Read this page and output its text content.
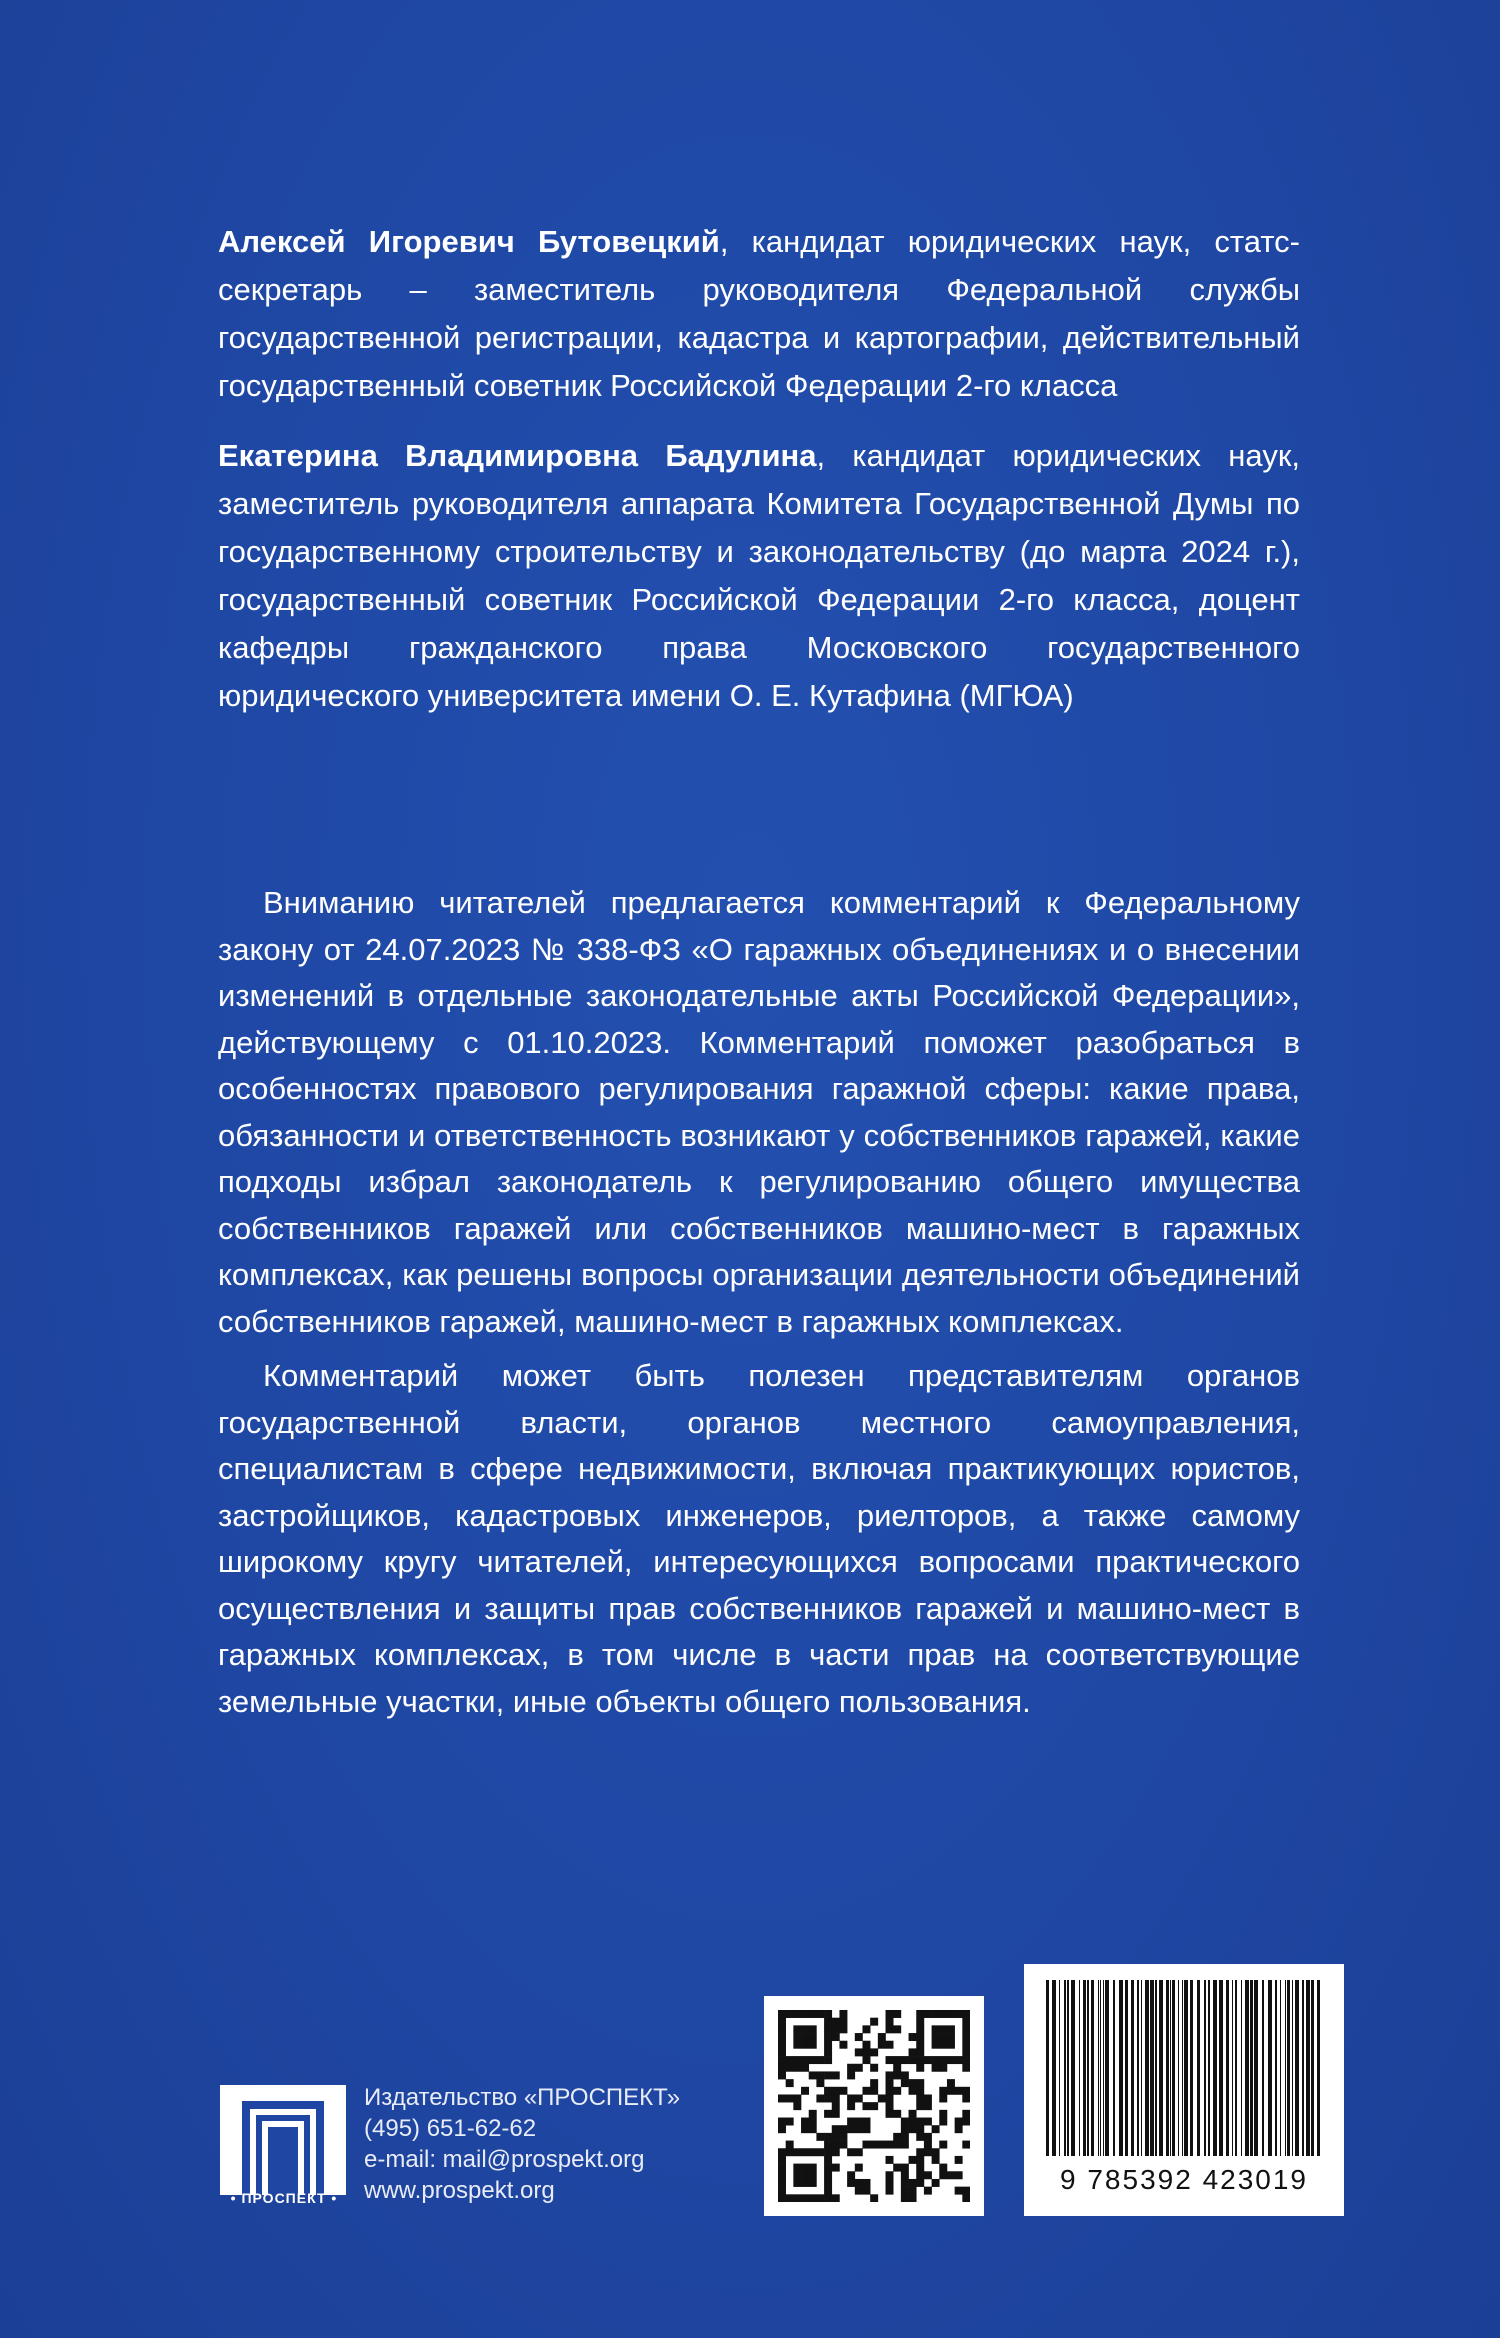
Алексей Игоревич Бутовецкий, кандидат юридических наук, статс-секретарь – заместитель руководителя Федеральной службы государственной регистрации, кадастра и картографии, действительный государственный советник Российской Федерации 2-го класса

Екатерина Владимировна Бадулина, кандидат юридических наук, заместитель руководителя аппарата Комитета Государственной Думы по государственному строительству и законодательству (до марта 2024 г.), государственный советник Российской Федерации 2-го класса, доцент кафедры гражданского права Московского государственного юридического университета имени О. Е. Кутафина (МГЮА)

Вниманию читателей предлагается комментарий к Федеральному закону от 24.07.2023 № 338-ФЗ «О гаражных объединениях и о внесении изменений в отдельные законодательные акты Российской Федерации», действующему с 01.10.2023. Комментарий поможет разобраться в особенностях правового регулирования гаражной сферы: какие права, обязанности и ответственность возникают у собственников гаражей, какие подходы избрал законодатель к регулированию общего имущества собственников гаражей или собственников машино-мест в гаражных комплексах, как решены вопросы организации деятельности объединений собственников гаражей, машино-мест в гаражных комплексах.

Комментарий может быть полезен представителям органов государственной власти, органов местного самоуправления, специалистам в сфере недвижимости, включая практикующих юристов, застройщиков, кадастровых инженеров, риелторов, а также самому широкому кругу читателей, интересующихся вопросами практического осуществления и защиты прав собственников гаражей и машино-мест в гаражных комплексах, в том числе в части прав на соответствующие земельные участки, иные объекты общего пользования.

• ПРОСПЕКТ •
Издательство «ПРОСПЕКТ»
(495) 651-62-62
e-mail: mail@prospekt.org
www.prospekt.org	9 785392 423019
